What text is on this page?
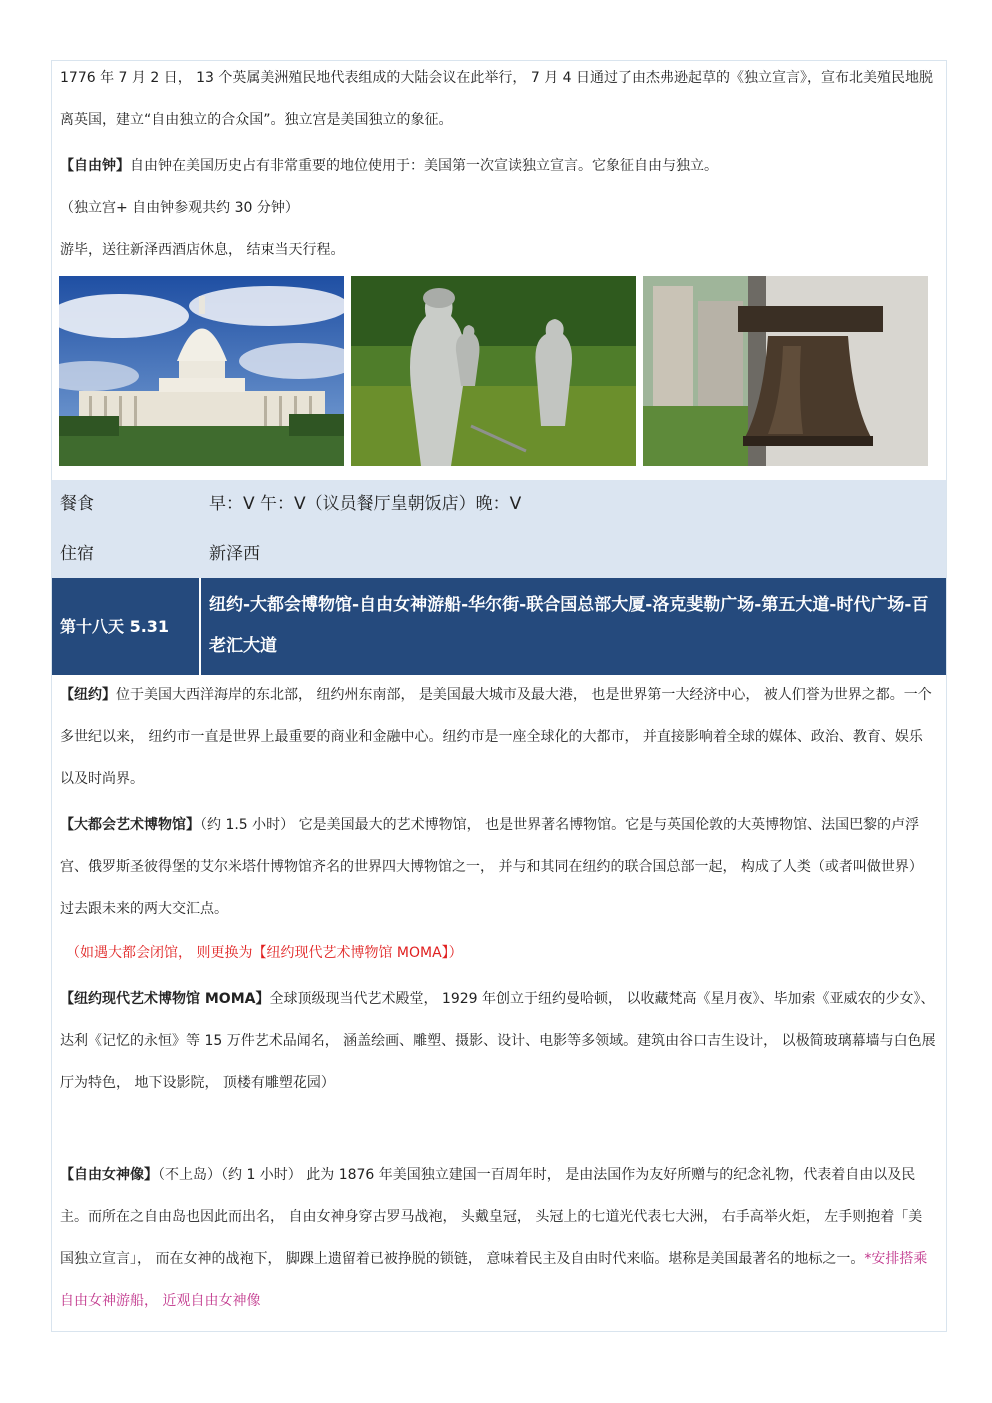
1776 年 7 月 2 日， 13 个英属美洲殖民地代表组成的大陆会议在此举行， 7 月 4 日通过了由杰弗逊起草的《独立宣言》，宣布北美殖民地脱离英国，建立“自由独立的合众国”。独立宫是美国独立的象征。

【自由钟】自由钟在美国历史占有非常重要的地位使用于：美国第一次宣读独立宣言。它象征自由与独立。

（独立宫+ 自由钟参观共约 30 分钟）

游毕，送往新泽西酒店休息， 结束当天行程。

餐食	早：V 午：V（议员餐厅皇朝饭店）晚：V
住宿	新泽西
第十八天 5.31
纽约-大都会博物馆-自由女神游船-华尔街-联合国总部大厦-洛克斐勒广场-第五大道-时代广场-百老汇大道

【纽约】位于美国大西洋海岸的东北部， 纽约州东南部， 是美国最大城市及最大港， 也是世界第一大经济中心， 被人们誉为世界之都。一个多世纪以来， 纽约市一直是世界上最重要的商业和金融中心。纽约市是一座全球化的大都市， 并直接影响着全球的媒体、政治、教育、娱乐以及时尚界。

【大都会艺术博物馆】（约 1.5 小时） 它是美国最大的艺术博物馆， 也是世界著名博物馆。它是与英国伦敦的大英博物馆、法国巴黎的卢浮宫、俄罗斯圣彼得堡的艾尔米塔什博物馆齐名的世界四大博物馆之一， 并与和其同在纽约的联合国总部一起， 构成了人类（或者叫做世界）过去跟未来的两大交汇点。

（如遇大都会闭馆， 则更换为【纽约现代艺术博物馆 MOMA】）

【纽约现代艺术博物馆 MOMA】全球顶级现当代艺术殿堂， 1929 年创立于纽约曼哈顿， 以收藏梵高《星月夜》、毕加索《亚威农的少女》、达利《记忆的永恒》等 15 万件艺术品闻名， 涵盖绘画、雕塑、摄影、设计、电影等多领域。建筑由谷口吉生设计， 以极简玻璃幕墙与白色展厅为特色， 地下设影院， 顶楼有雕塑花园）

【自由女神像】（不上岛）（约 1 小时） 此为 1876 年美国独立建国一百周年时， 是由法国作为友好所赠与的纪念礼物，代表着自由以及民主。而所在之自由岛也因此而出名， 自由女神身穿古罗马战袍， 头戴皇冠， 头冠上的七道光代表七大洲， 右手高举火炬， 左手则抱着「美国独立宣言」， 而在女神的战袍下， 脚踝上遗留着已被挣脱的锁链， 意味着民主及自由时代来临。堪称是美国最著名的地标之一。*安排搭乘自由女神游船， 近观自由女神像
